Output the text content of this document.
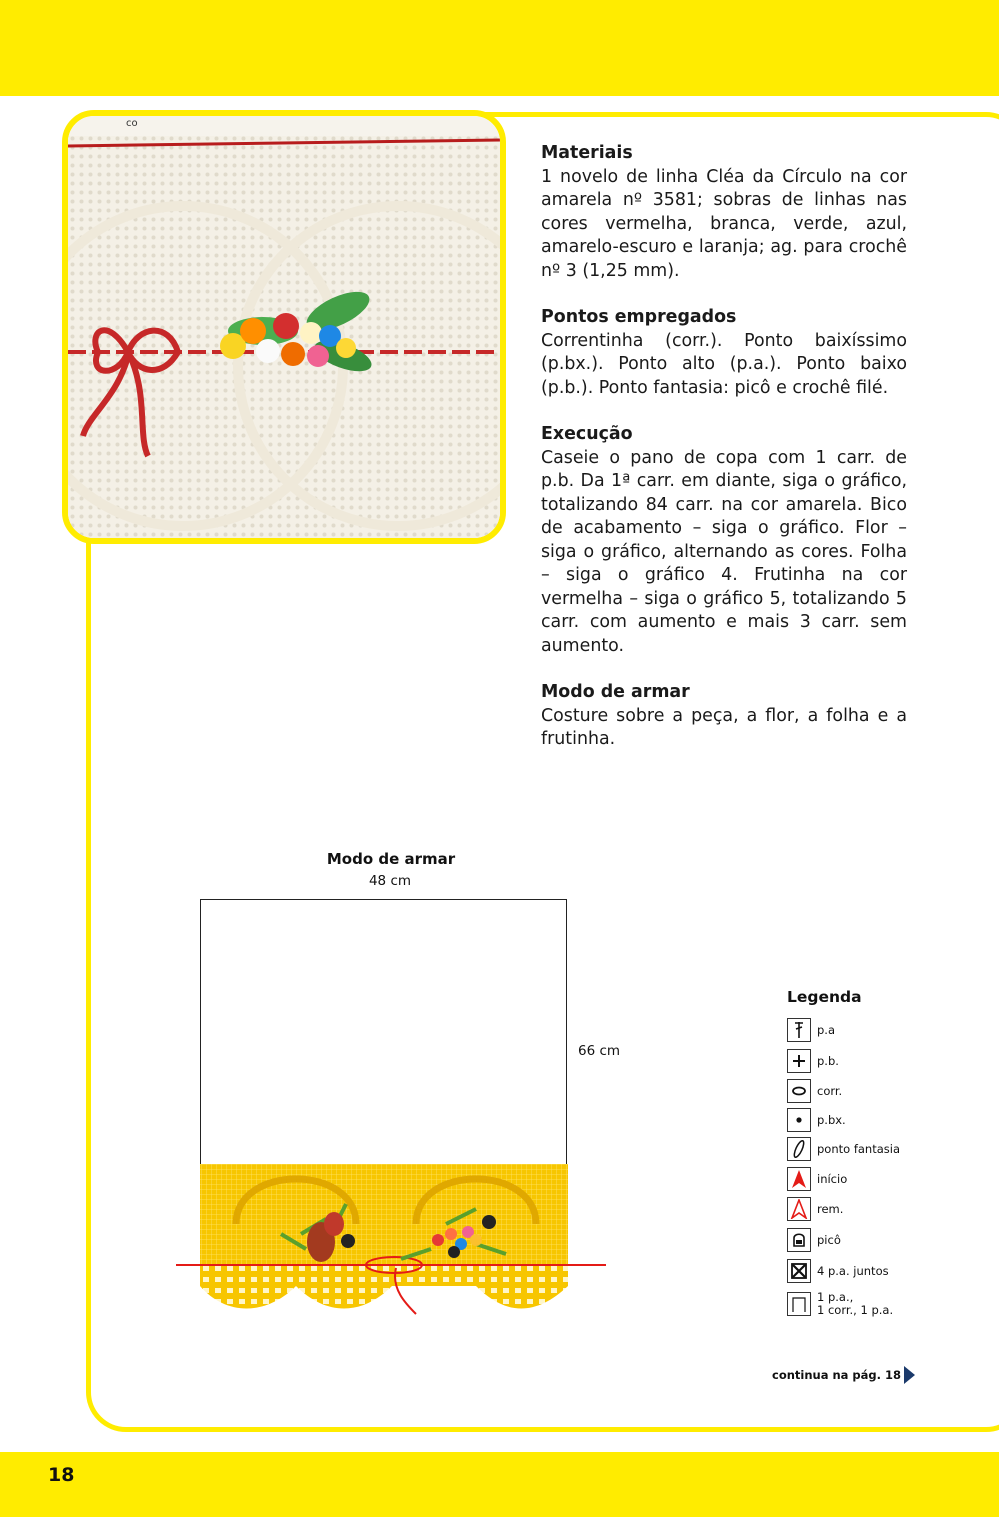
co
Materiais

1 novelo de linha Cléa da Círculo na cor amarela nº 3581; sobras de linhas nas cores vermelha, branca, verde, azul, amarelo-escuro e laranja; ag. para crochê nº 3 (1,25 mm).

Pontos empregados

Correntinha (corr.). Ponto baixíssimo (p.bx.). Ponto alto (p.a.). Ponto baixo (p.b.). Ponto fantasia: picô e crochê filé.

Execução

Caseie o pano de copa com 1 carr. de p.b. Da 1ª carr. em diante, siga o gráfico, totalizando 84 carr. na cor amarela. Bico de acabamento – siga o gráfico. Flor – siga o gráfico, alternando as cores. Folha – siga o gráfico 4. Frutinha na cor vermelha – siga o gráfico 5, totalizando 5 carr. com aumento e mais 3 carr. sem aumento.

Modo de armar

Costure sobre a peça, a flor, a folha e a frutinha.

Modo de armar
48 cm
66 cm
Legenda
p.a
p.b.
corr.
p.bx.
ponto fantasia
início
rem.
picô
4 p.a. juntos
1 p.a.,
1 corr., 1 p.a.
continua na pág. 18
18
